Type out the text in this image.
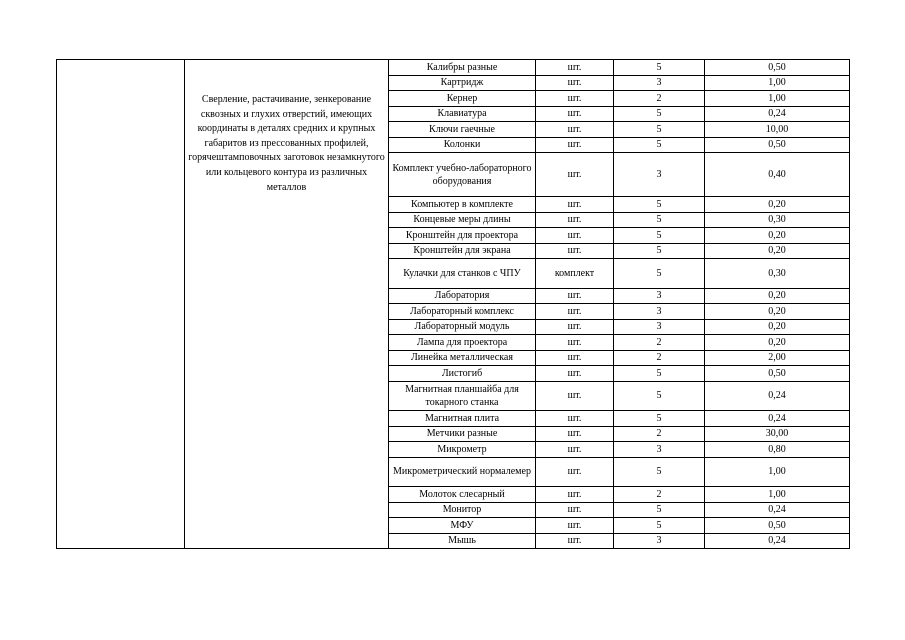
	Сверление, растачивание, зенкерование сквозных и глухих отверстий, имеющих координаты в деталях средних и крупных габаритов из прессованных профилей, горячештамповочных заготовок незамкнутого или кольцевого контура из различных металлов	Калибры разные	шт.	5	0,50
		Картридж	шт.	3	1,00
		Кернер	шт.	2	1,00
		Клавиатура	шт.	5	0,24
		Ключи гаечные	шт.	5	10,00
		Колонки	шт.	5	0,50
		Комплект учебно-лабораторного оборудования	шт.	3	0,40
		Компьютер в комплекте	шт.	5	0,20
		Концевые меры длины	шт.	5	0,30
		Кронштейн для проектора	шт.	5	0,20
		Кронштейн для экрана	шт.	5	0,20
		Кулачки для станков с ЧПУ	комплект	5	0,30
		Лаборатория	шт.	3	0,20
		Лабораторный комплекс	шт.	3	0,20
		Лабораторный модуль	шт.	3	0,20
		Лампа для проектора	шт.	2	0,20
		Линейка металлическая	шт.	2	2,00
		Листогиб	шт.	5	0,50
		Магнитная планшайба для токарного станка	шт.	5	0,24
		Магнитная плита	шт.	5	0,24
		Метчики разные	шт.	2	30,00
		Микрометр	шт.	3	0,80
		Микрометрический нормалемер	шт.	5	1,00
		Молоток слесарный	шт.	2	1,00
		Монитор	шт.	5	0,24
		МФУ	шт.	5	0,50
		Мышь	шт.	3	0,24
